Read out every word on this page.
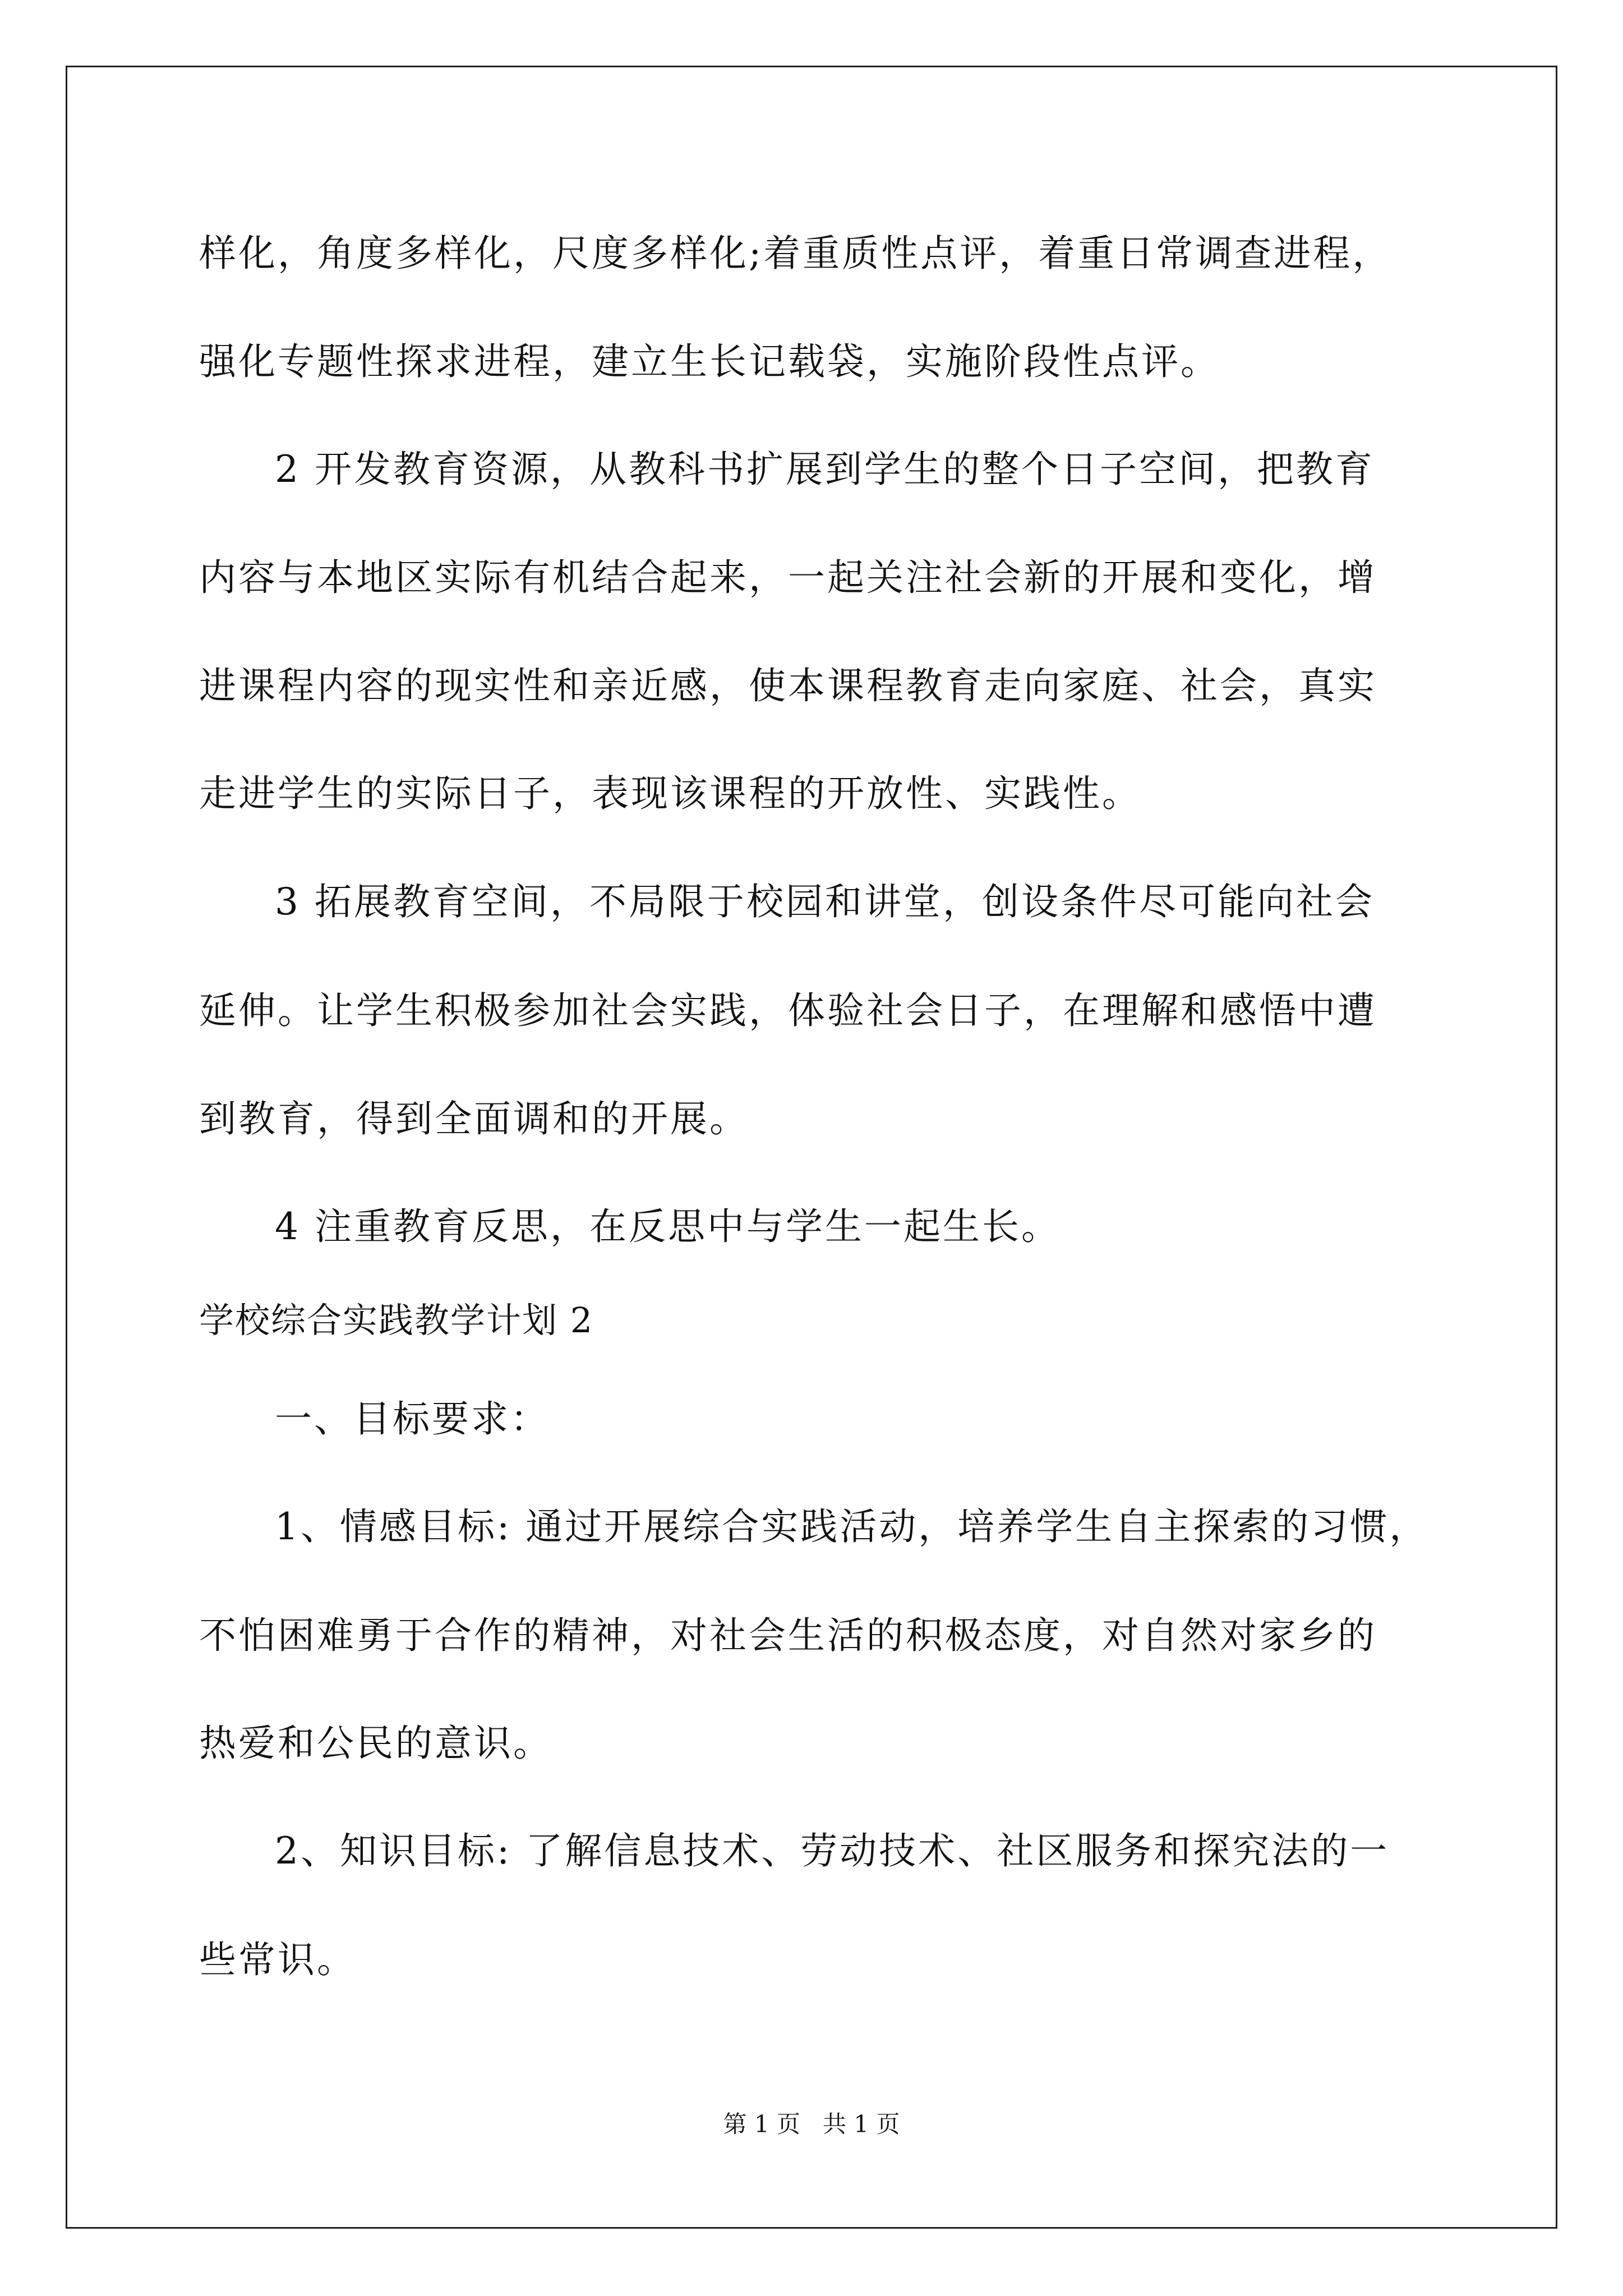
样化，角度多样化，尺度多样化;着重质性点评，着重日常调查进程，
强化专题性探求进程，建立生长记载袋，实施阶段性点评。
2 开发教育资源，从教科书扩展到学生的整个日子空间，把教育
内容与本地区实际有机结合起来，一起关注社会新的开展和变化，增
进课程内容的现实性和亲近感，使本课程教育走向家庭、社会，真实
走进学生的实际日子，表现该课程的开放性、实践性。
3 拓展教育空间，不局限于校园和讲堂，创设条件尽可能向社会
延伸。让学生积极参加社会实践，体验社会日子，在理解和感悟中遭
到教育，得到全面调和的开展。
4 注重教育反思，在反思中与学生一起生长。
学校综合实践教学计划 2
一、目标要求：
1、情感目标: 通过开展综合实践活动，培养学生自主探索的习惯，
不怕困难勇于合作的精神，对社会生活的积极态度，对自然对家乡的
热爱和公民的意识。
2、知识目标: 了解信息技术、劳动技术、社区服务和探究法的一
些常识。
第 1 页   共 1 页
